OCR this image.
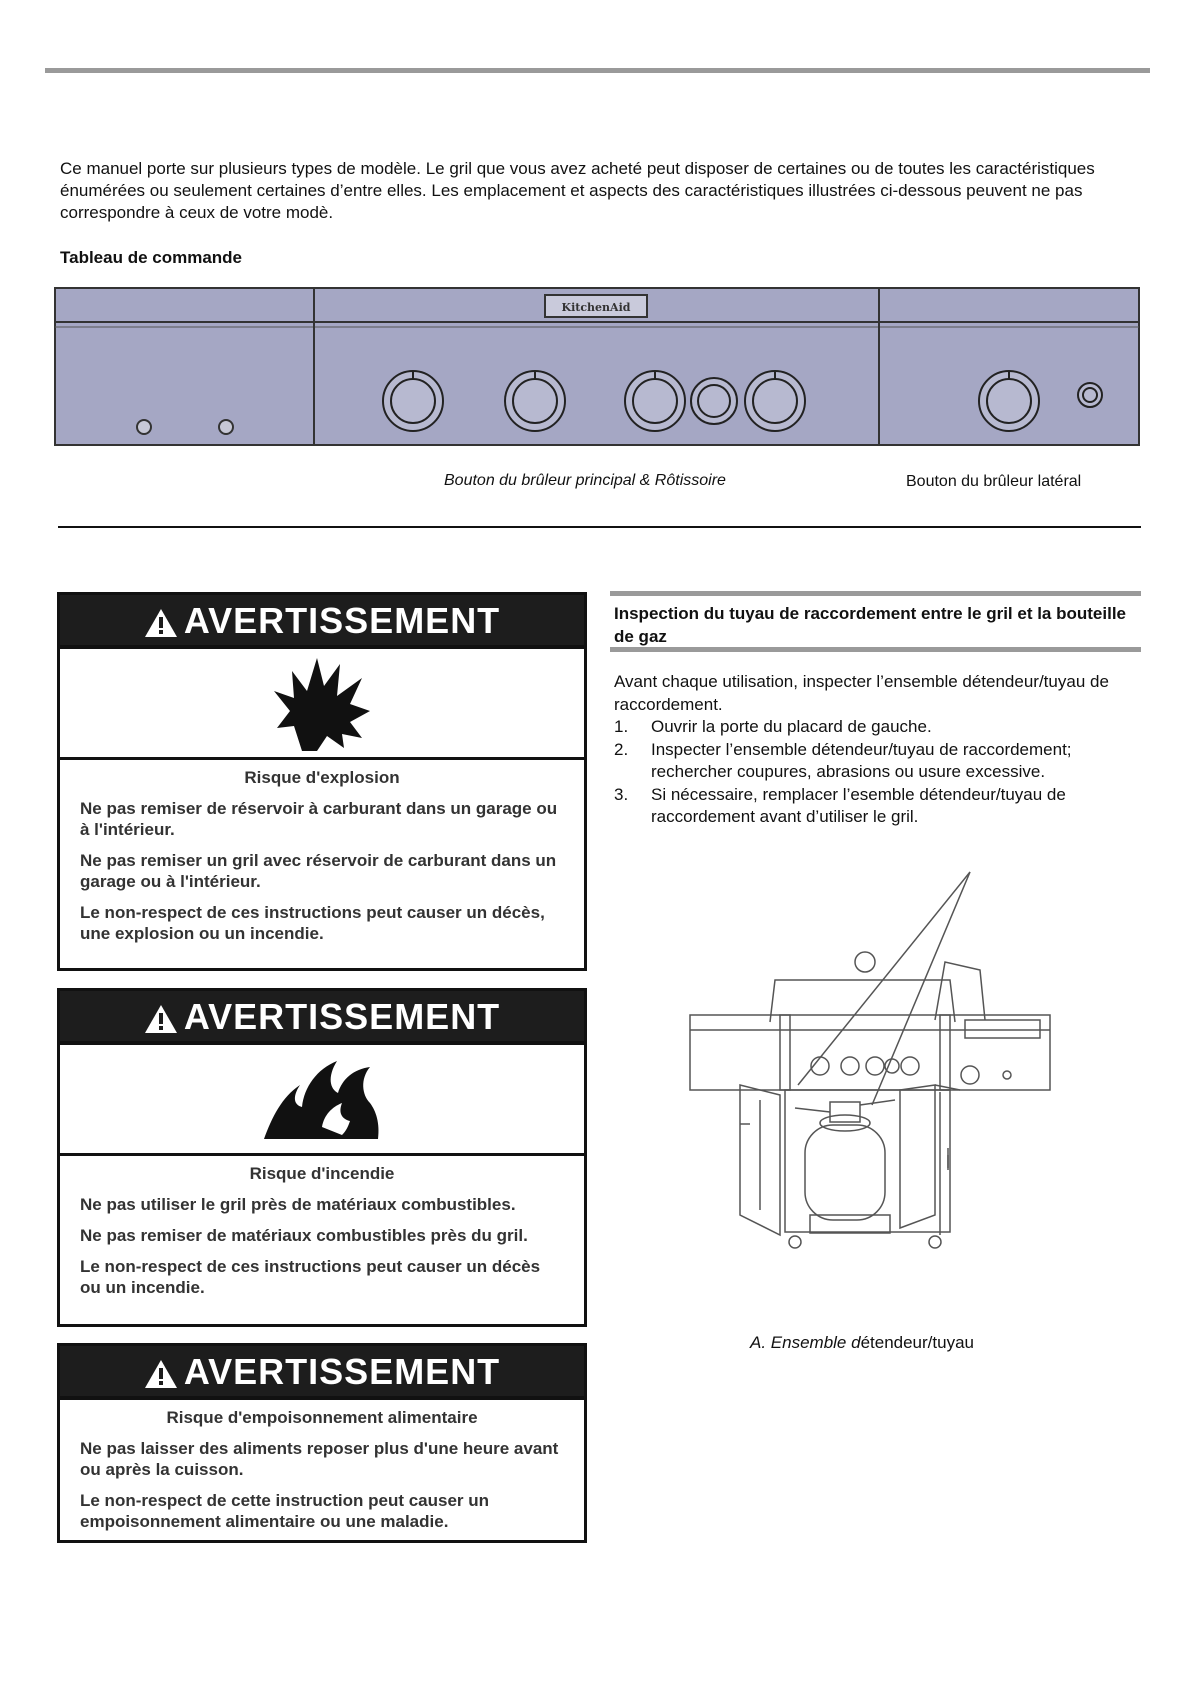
Ce manuel porte sur plusieurs types de modèle. Le gril que vous avez acheté peut disposer de certaines ou de toutes les caractéristiques énumérées ou seulement certaines d’entre elles. Les emplacement et aspects des caractéristiques illustrées ci-dessous peuvent ne pas correspondre à ceux de votre modè.

Tableau de commande
KitchenAid
Bouton du brûleur principal & Rôtissoire	Bouton du brûleur latéral
AVERTISSEMENT
Risque d'explosion

Ne pas remiser de réservoir à carburant dans un garage ou à l'intérieur.

Ne pas remiser un gril avec réservoir de carburant dans un garage ou à l'intérieur.

Le non-respect de ces instructions peut causer un décès, une explosion ou un incendie.

AVERTISSEMENT
Risque d'incendie

Ne pas utiliser le gril près de matériaux combustibles.

Ne pas remiser de matériaux combustibles près du gril.

Le non-respect de ces instructions peut causer un décès ou un incendie.

AVERTISSEMENT
Risque d'empoisonnement alimentaire

Ne pas laisser des aliments reposer plus d'une heure avant ou après la cuisson.

Le non-respect de cette instruction peut causer un empoisonnement alimentaire ou une maladie.

Inspection du tuyau de raccordement entre le gril et la bouteille de gaz

Avant chaque utilisation, inspecter l’ensemble détendeur/tuyau de raccordement.

1. Ouvrir la porte du placard de gauche.
2. Inspecter l’ensemble détendeur/tuyau de raccordement; rechercher coupures, abrasions ou usure excessive.
3. Si nécessaire, remplacer l’esemble détendeur/tuyau de raccordement avant d’utiliser le gril.
A. Ensemble détendeur/tuyau
